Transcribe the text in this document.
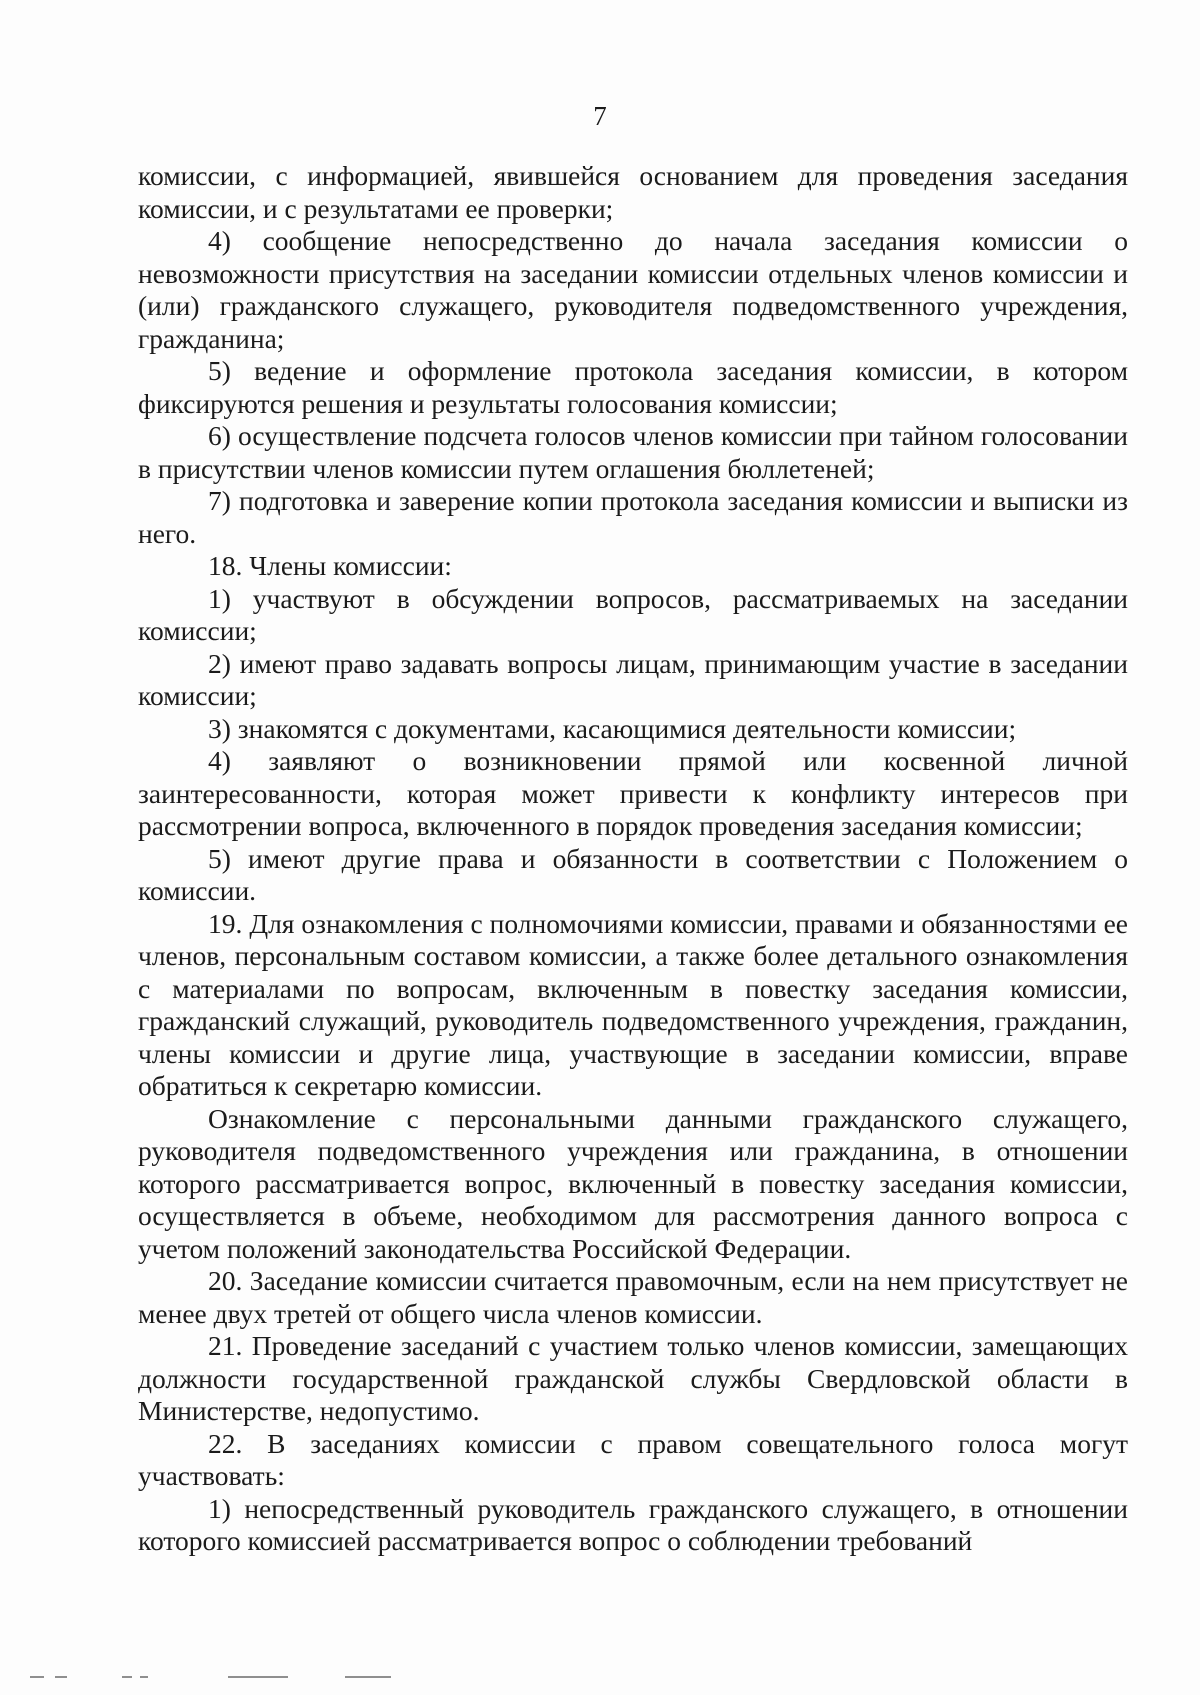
7

комиссии, с информацией, явившейся основанием для проведения заседания комиссии, и с результатами ее проверки;

4) сообщение непосредственно до начала заседания комиссии о невозможности присутствия на заседании комиссии отдельных членов комиссии и (или) гражданского служащего, руководителя подведомственного учреждения, гражданина;

5) ведение и оформление протокола заседания комиссии, в котором фиксируются решения и результаты голосования комиссии;

6) осуществление подсчета голосов членов комиссии при тайном голосовании в присутствии членов комиссии путем оглашения бюллетеней;

7) подготовка и заверение копии протокола заседания комиссии и выписки из него.

18. Члены комиссии:

1) участвуют в обсуждении вопросов, рассматриваемых на заседании комиссии;

2) имеют право задавать вопросы лицам, принимающим участие в заседании комиссии;

3) знакомятся с документами, касающимися деятельности комиссии;

4) заявляют о возникновении прямой или косвенной личной заинтересованности, которая может привести к конфликту интересов при рассмотрении вопроса, включенного в порядок проведения заседания комиссии;

5) имеют другие права и обязанности в соответствии с Положением о комиссии.

19. Для ознакомления с полномочиями комиссии, правами и обязанностями ее членов, персональным составом комиссии, а также более детального ознакомления с материалами по вопросам, включенным в повестку заседания комиссии, гражданский служащий, руководитель подведомственного учреждения, гражданин, члены комиссии и другие лица, участвующие в заседании комиссии, вправе обратиться к секретарю комиссии.

Ознакомление с персональными данными гражданского служащего, руководителя подведомственного учреждения или гражданина, в отношении которого рассматривается вопрос, включенный в повестку заседания комиссии, осуществляется в объеме, необходимом для рассмотрения данного вопроса с учетом положений законодательства Российской Федерации.

20. Заседание комиссии считается правомочным, если на нем присутствует не менее двух третей от общего числа членов комиссии.

21. Проведение заседаний с участием только членов комиссии, замещающих должности государственной гражданской службы Свердловской области в Министерстве, недопустимо.

22. В заседаниях комиссии с правом совещательного голоса могут участвовать:

1) непосредственный руководитель гражданского служащего, в отношении которого комиссией рассматривается вопрос о соблюдении требований
